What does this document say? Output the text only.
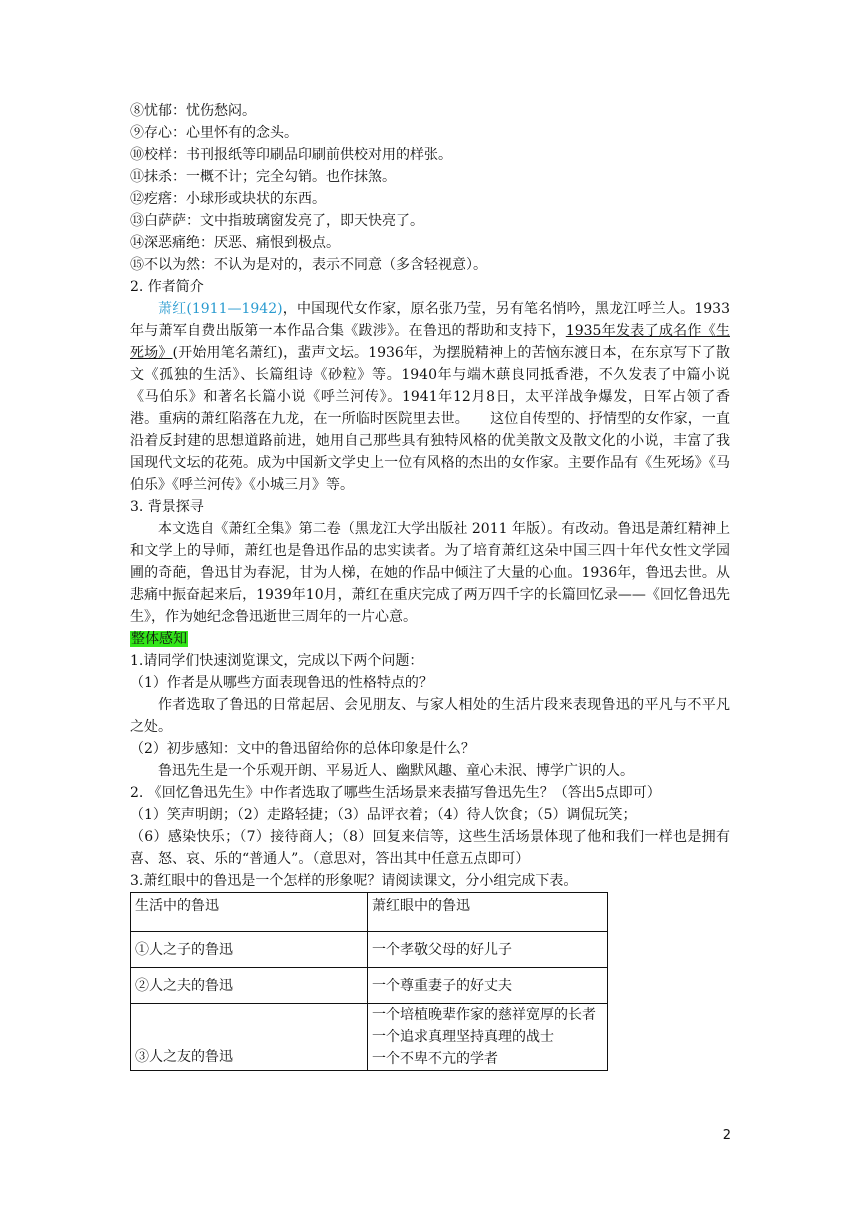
⑧忧郁：忧伤愁闷。
⑨存心：心里怀有的念头。
⑩校样：书刊报纸等印刷品印刷前供校对用的样张。
⑪抹杀：一概不计；完全勾销。也作抹煞。
⑫疙瘩：小球形或块状的东西。
⑬白萨萨：文中指玻璃窗发亮了，即天快亮了。
⑭深恶痛绝：厌恶、痛恨到极点。
⑮不以为然：不认为是对的，表示不同意（多含轻视意）。
2. 作者简介
萧红(1911—1942)，中国现代女作家，原名张乃莹，另有笔名悄吟，黑龙江呼兰人。1933年与萧军自费出版第一本作品合集《跋涉》。在鲁迅的帮助和支持下，1935年发表了成名作《生死场》(开始用笔名萧红)，蜚声文坛。1936年，为摆脱精神上的苦恼东渡日本，在东京写下了散文《孤独的生活》、长篇组诗《砂粒》等。1940年与端木蕻良同抵香港，不久发表了中篇小说《马伯乐》和著名长篇小说《呼兰河传》。1941年12月8日，太平洋战争爆发，日军占领了香港。重病的萧红陷落在九龙，在一所临时医院里去世。　　这位自传型的、抒情型的女作家，一直沿着反封建的思想道路前进，她用自己那些具有独特风格的优美散文及散文化的小说，丰富了我国现代文坛的花苑。成为中国新文学史上一位有风格的杰出的女作家。主要作品有《生死场》《马伯乐》《呼兰河传》《小城三月》等。
3. 背景探寻
本文选自《萧红全集》第二卷（黑龙江大学出版社 2011 年版）。有改动。鲁迅是萧红精神上和文学上的导师，萧红也是鲁迅作品的忠实读者。为了培育萧红这朵中国三四十年代女性文学园圃的奇葩，鲁迅甘为春泥，甘为人梯，在她的作品中倾注了大量的心血。1936年，鲁迅去世。从悲痛中振奋起来后，1939年10月，萧红在重庆完成了两万四千字的长篇回忆录——《回忆鲁迅先生》，作为她纪念鲁迅逝世三周年的一片心意。
整体感知
1.请同学们快速浏览课文，完成以下两个问题：
（1）作者是从哪些方面表现鲁迅的性格特点的？
作者选取了鲁迅的日常起居、会见朋友、与家人相处的生活片段来表现鲁迅的平凡与不平凡之处。
（2）初步感知：文中的鲁迅留给你的总体印象是什么？
鲁迅先生是一个乐观开朗、平易近人、幽默风趣、童心未泯、博学广识的人。
2. 《回忆鲁迅先生》中作者选取了哪些生活场景来表描写鲁迅先生？（答出5点即可）
（1）笑声明朗；（2）走路轻捷；（3）品评衣着；（4）待人饮食；（5）调侃玩笑；
（6）感染快乐；（7）接待商人；（8）回复来信等，这些生活场景体现了他和我们一样也是拥有喜、怒、哀、乐的“普通人”。（意思对，答出其中任意五点即可）
3.萧红眼中的鲁迅是一个怎样的形象呢？请阅读课文，分小组完成下表。
生活中的鲁迅	萧红眼中的鲁迅
①人之子的鲁迅	一个孝敬父母的好儿子
②人之夫的鲁迅	一个尊重妻子的好丈夫
③人之友的鲁迅	一个培植晚辈作家的慈祥宽厚的长者
一个追求真理坚持真理的战士
一个不卑不亢的学者
2
